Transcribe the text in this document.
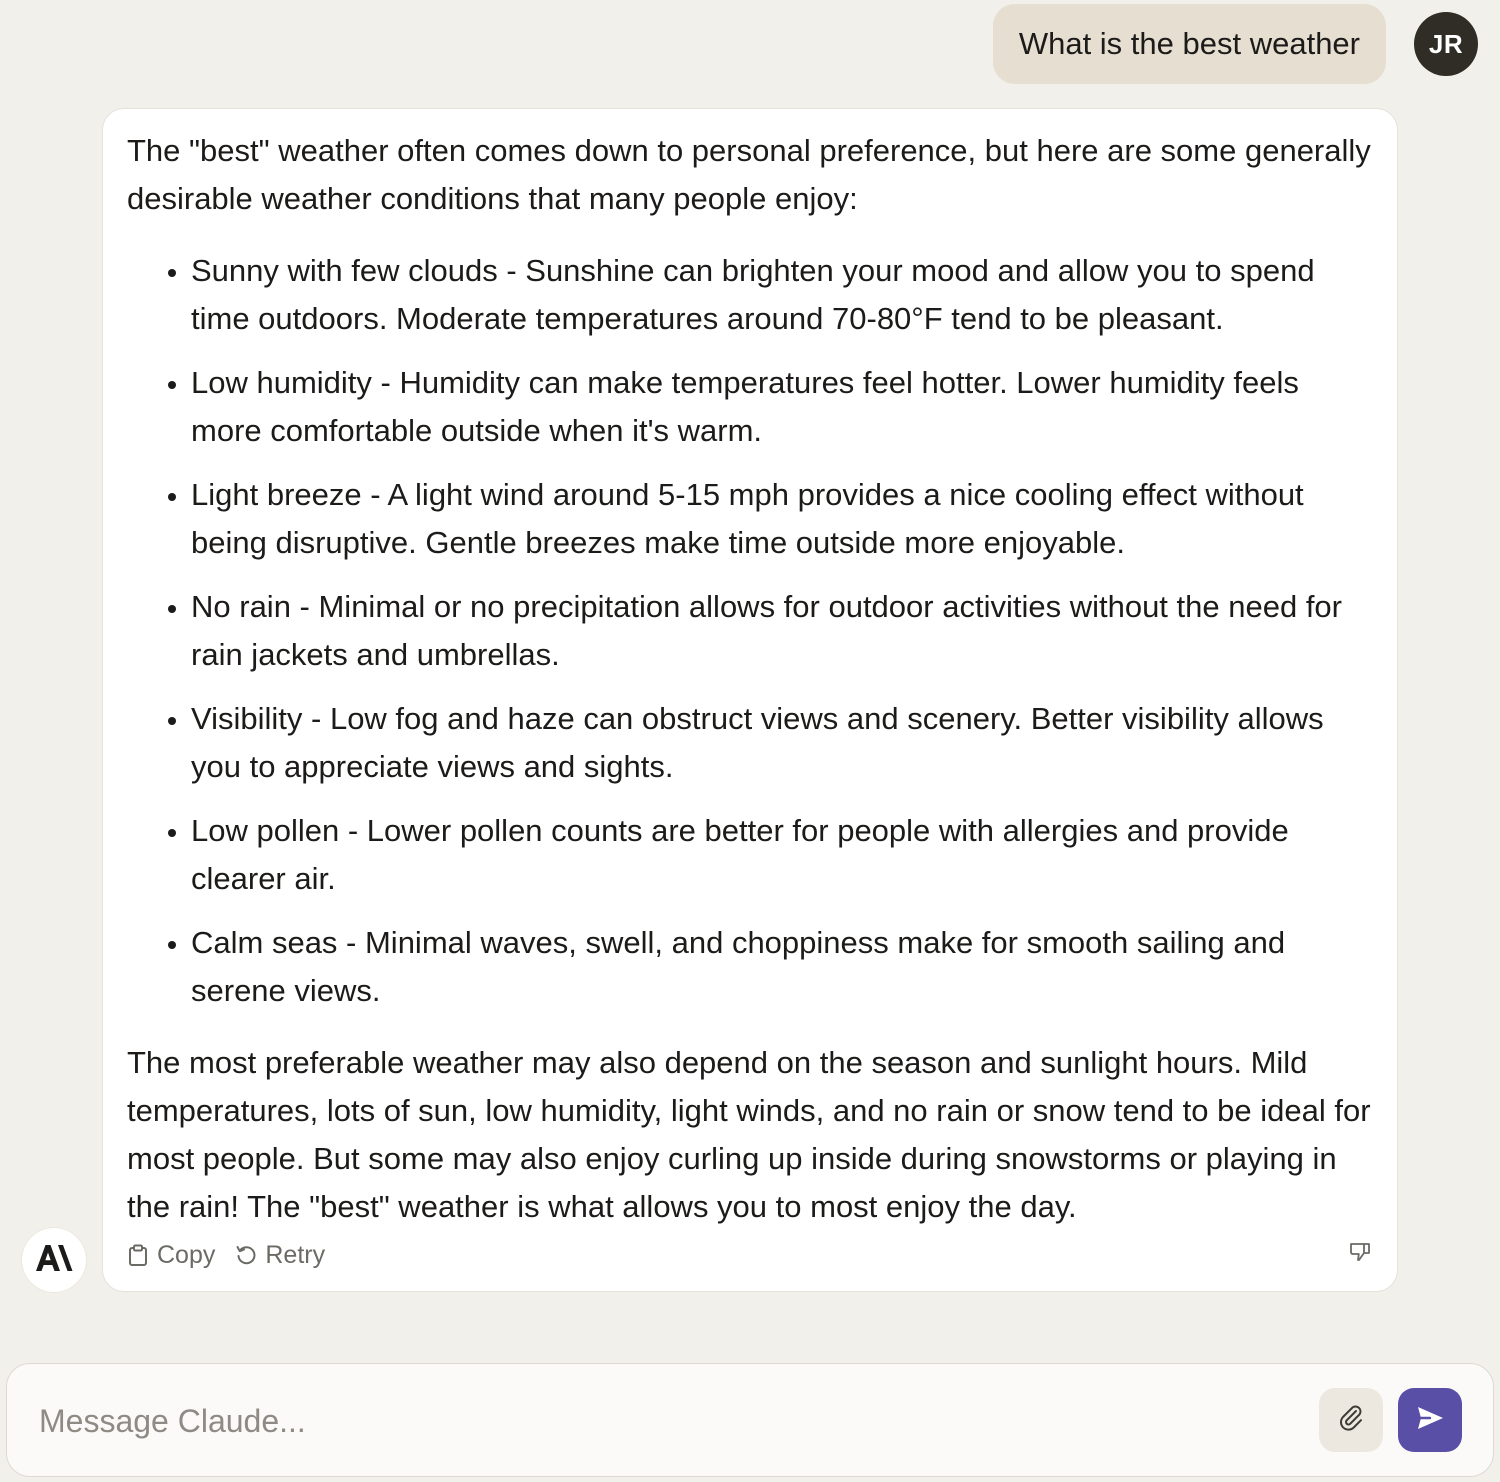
What is the best weather	JR

The "best" weather often comes down to personal preference, but here are some generally desirable weather conditions that many people enjoy:

• Sunny with few clouds - Sunshine can brighten your mood and allow you to spend time outdoors. Moderate temperatures around 70-80°F tend to be pleasant.
• Low humidity - Humidity can make temperatures feel hotter. Lower humidity feels more comfortable outside when it's warm.
• Light breeze - A light wind around 5-15 mph provides a nice cooling effect without being disruptive. Gentle breezes make time outside more enjoyable.
• No rain - Minimal or no precipitation allows for outdoor activities without the need for rain jackets and umbrellas.
• Visibility - Low fog and haze can obstruct views and scenery. Better visibility allows you to appreciate views and sights.
• Low pollen - Lower pollen counts are better for people with allergies and provide clearer air.
• Calm seas - Minimal waves, swell, and choppiness make for smooth sailing and serene views.

The most preferable weather may also depend on the season and sunlight hours. Mild temperatures, lots of sun, low humidity, light winds, and no rain or snow tend to be ideal for most people. But some may also enjoy curling up inside during snowstorms or playing in the rain! The "best" weather is what allows you to most enjoy the day.

Copy Retry
Message Claude...
